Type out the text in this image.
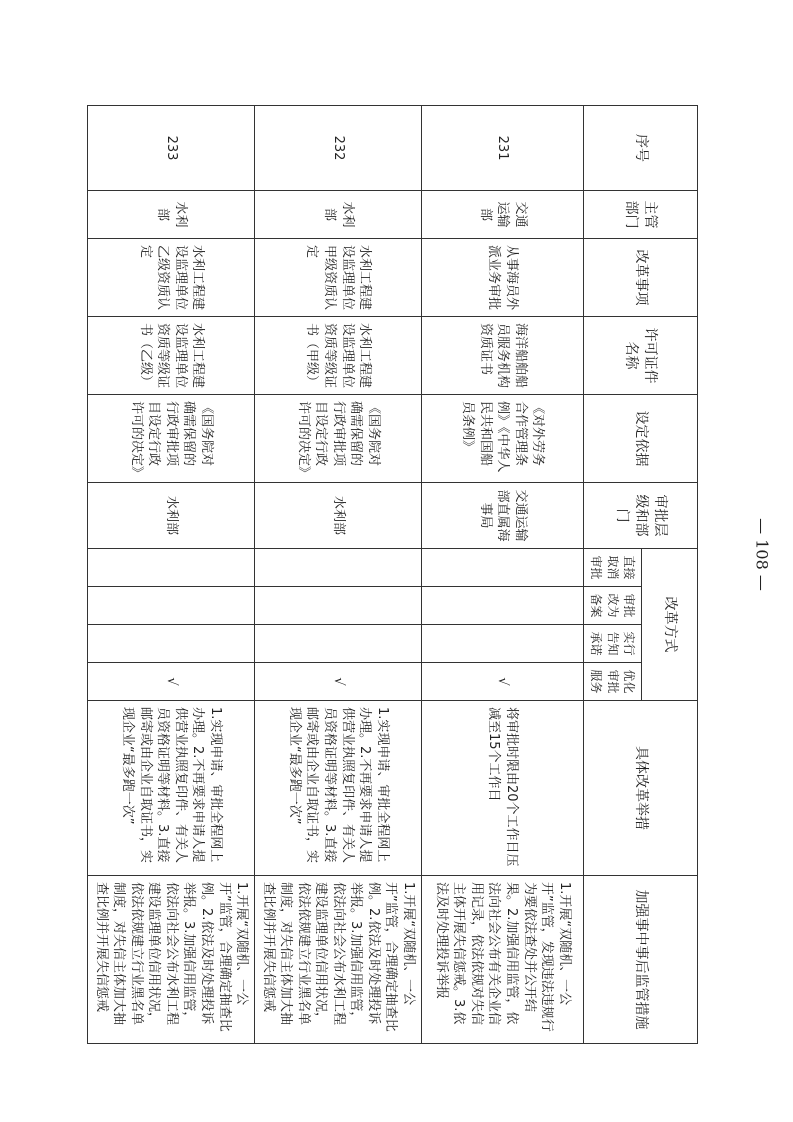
序号	主管部门	改革事项	许可证件名称	设定依据	审批层级和部门	改革方式				具体改革举措	加强事中事后监管措施
						直接取消审批	审批改为备案	实行告知承诺	优化审批服务		
231	交通运输部	从事海员外派业务审批	海洋船舶船员服务机构资质证书	《对外劳务合作管理条例》《中华人民共和国船员条例》	交通运输部直属海事局				√	将审批时限由20个工作日压减至15个工作日	1.开展“双随机、一公开”监管，发现违法违规行为要依法查处并公开结果。2.加强信用监管，依法向社会公布有关企业信用记录，依法依规对失信主体开展失信惩戒。3.依法及时处理投诉举报
232	水利部	水利工程建设监理单位甲级资质认定	水利工程建设监理单位资质等级证书（甲级）	《国务院对确需保留的行政审批项目设定行政许可的决定》	水利部				√	1.实现申请、审批全程网上办理。2.不再要求申请人提供营业执照复印件、有关人员资格证明等材料。3.直接邮寄或由企业自取证书，实现企业“最多跑一次”	1.开展“双随机、一公开”监管，合理确定抽查比例。2.依法及时处理投诉举报。3.加强信用监管，依法向社会公布水利工程建设监理单位信用状况，依法依规建立行业黑名单制度，对失信主体加大抽查比例并开展失信惩戒
233	水利部	水利工程建设监理单位乙级资质认定	水利工程建设监理单位资质等级证书（乙级）	《国务院对确需保留的行政审批项目设定行政许可的决定》	水利部				√	1.实现申请、审批全程网上办理。2.不再要求申请人提供营业执照复印件、有关人员资格证明等材料。3.直接邮寄或由企业自取证书，实现企业“最多跑一次”	1.开展“双随机、一公开”监管，合理确定抽查比例。2.依法及时处理投诉举报。3.加强信用监管，依法向社会公布水利工程建设监理单位信用状况，依法依规建立行业黑名单制度，对失信主体加大抽查比例并开展失信惩戒
— 108 —
